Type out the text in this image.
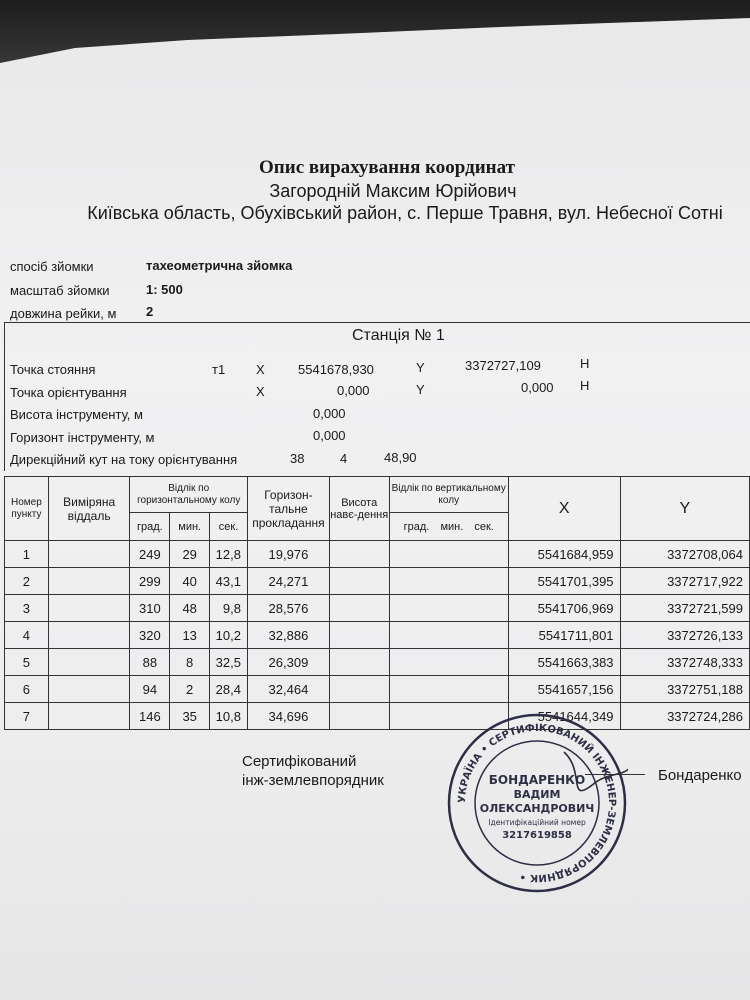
Опис вирахування координат
Загородній Максим Юрійович
Київська область, Обухівський район, с. Перше Травня, вул. Небесної Сотні
спосіб зйомки	тахеометрична зйомка
масштаб зйомки	1: 500
довжина рейки, м 2
Станція № 1
Точка стояння	т1 X	5541678,930	Y	3372727,109	H
Точка орієнтування	X	0,000	Y	0,000 H
Висота інструменту, м	0,000
Горизонт інструменту, м	0,000
Дирекційний кут на току орієнтування	38	4	48,90
Номер пункту	Виміряна віддаль	Відлік по горизонтальному колу			Горизон-тальне прокладання	Висота навє-дення	Відлік по вертикальному колу	X	Y
		град.	мин.	сек.			град. мин. сек.		
1		249	29	12,8	19,976			5541684,959	3372708,064
2		299	40	43,1	24,271			5541701,395	3372717,922
3		310	48	9,8	28,576			5541706,969	3372721,599
4		320	13	10,2	32,886			5541711,801	3372726,133
5		88	8	32,5	26,309			5541663,383	3372748,333
6		94	2	28,4	32,464			5541657,156	3372751,188
7		146	35	10,8	34,696			5541644,349	3372724,286
Сертифікований
інж-землевпорядник	Бондаренко
УКРАЇНА • СЕРТИФІКОВАНИЙ ІНЖЕНЕР-ЗЕМЛЕВПОРЯДНИК •
БОНДАРЕНКО
ВАДИМ
ОЛЕКСАНДРОВИЧ
Ідентифікаційний номер
3217619858
